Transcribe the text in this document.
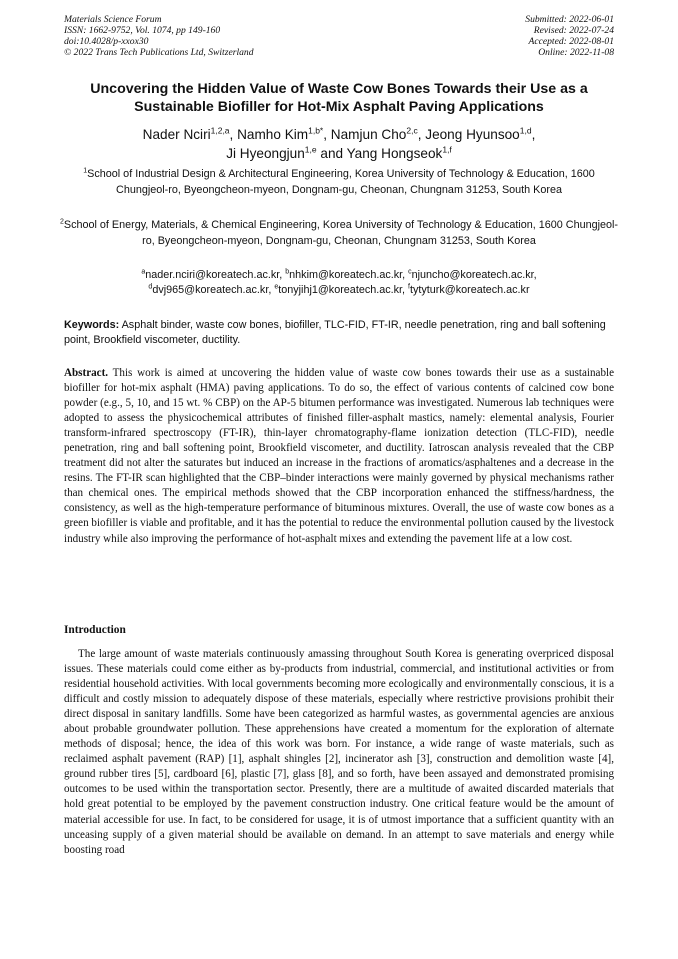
Materials Science Forum
ISSN: 1662-9752, Vol. 1074, pp 149-160
doi:10.4028/p-xxox30
© 2022 Trans Tech Publications Ltd, Switzerland
Submitted: 2022-06-01
Revised: 2022-07-24
Accepted: 2022-08-01
Online: 2022-11-08
Uncovering the Hidden Value of Waste Cow Bones Towards their Use as a Sustainable Biofiller for Hot-Mix Asphalt Paving Applications
Nader Nciri$^{1,2,a}$, Namho Kim$^{1,b*}$, Namjun Cho$^{2,c}$, Jeong Hyunsoo$^{1,d}$,
Ji Hyeongjun$^{1,e}$ and Yang Hongseok$^{1,f}$
$^1$School of Industrial Design & Architectural Engineering, Korea University of Technology & Education, 1600 Chungjeol-ro, Byeongcheon-myeon, Dongnam-gu, Cheonan, Chungnam 31253, South Korea
$^2$School of Energy, Materials, & Chemical Engineering, Korea University of Technology & Education, 1600 Chungjeol-ro, Byeongcheon-myeon, Dongnam-gu, Cheonan, Chungnam 31253, South Korea
$^a$nader.nciri@koreatech.ac.kr, $^b$nhkim@koreatech.ac.kr, $^c$njuncho@koreatech.ac.kr,
$^d$dvj965@koreatech.ac.kr, $^e$tonyjihj1@koreatech.ac.kr, $^f$tytyturk@koreatech.ac.kr
Keywords: Asphalt binder, waste cow bones, biofiller, TLC-FID, FT-IR, needle penetration, ring and ball softening point, Brookfield viscometer, ductility.

Abstract. This work is aimed at uncovering the hidden value of waste cow bones towards their use as a sustainable biofiller for hot-mix asphalt (HMA) paving applications. To do so, the effect of various contents of calcined cow bone powder (e.g., 5, 10, and 15 wt. % CBP) on the AP-5 bitumen performance was investigated. Numerous lab techniques were adopted to assess the physicochemical attributes of finished filler-asphalt mastics, namely: elemental analysis, Fourier transform-infrared spectroscopy (FT-IR), thin-layer chromatography-flame ionization detection (TLC-FID), needle penetration, ring and ball softening point, Brookfield viscometer, and ductility. Iatroscan analysis revealed that the CBP treatment did not alter the saturates but induced an increase in the fractions of aromatics/asphaltenes and a decrease in the resins. The FT-IR scan highlighted that the CBP–binder interactions were mainly governed by physical mechanisms rather than chemical ones. The empirical methods showed that the CBP incorporation enhanced the stiffness/hardness, the consistency, as well as the high-temperature performance of bituminous mixtures. Overall, the use of waste cow bones as a green biofiller is viable and profitable, and it has the potential to reduce the environmental pollution caused by the livestock industry while also improving the performance of hot-asphalt mixes and extending the pavement life at a low cost.

Introduction

The large amount of waste materials continuously amassing throughout South Korea is generating overpriced disposal issues. These materials could come either as by-products from industrial, commercial, and institutional activities or from residential household activities. With local governments becoming more ecologically and environmentally conscious, it is a difficult and costly mission to adequately dispose of these materials, especially where restrictive provisions prohibit their direct disposal in sanitary landfills. Some have been categorized as harmful wastes, as governmental agencies are anxious about probable groundwater pollution. These apprehensions have created a momentum for the exploration of alternate methods of disposal; hence, the idea of this work was born. For instance, a wide range of waste materials, such as reclaimed asphalt pavement (RAP) [1], asphalt shingles [2], incinerator ash [3], construction and demolition waste [4], ground rubber tires [5], cardboard [6], plastic [7], glass [8], and so forth, have been assayed and demonstrated promising outcomes to be used within the transportation sector. Presently, there are a multitude of awaited discarded materials that hold great potential to be employed by the pavement construction industry. One critical feature would be the amount of material accessible for use. In fact, to be considered for usage, it is of utmost importance that a sufficient quantity with an unceasing supply of a given material should be available on demand. In an attempt to save materials and energy while boosting road
